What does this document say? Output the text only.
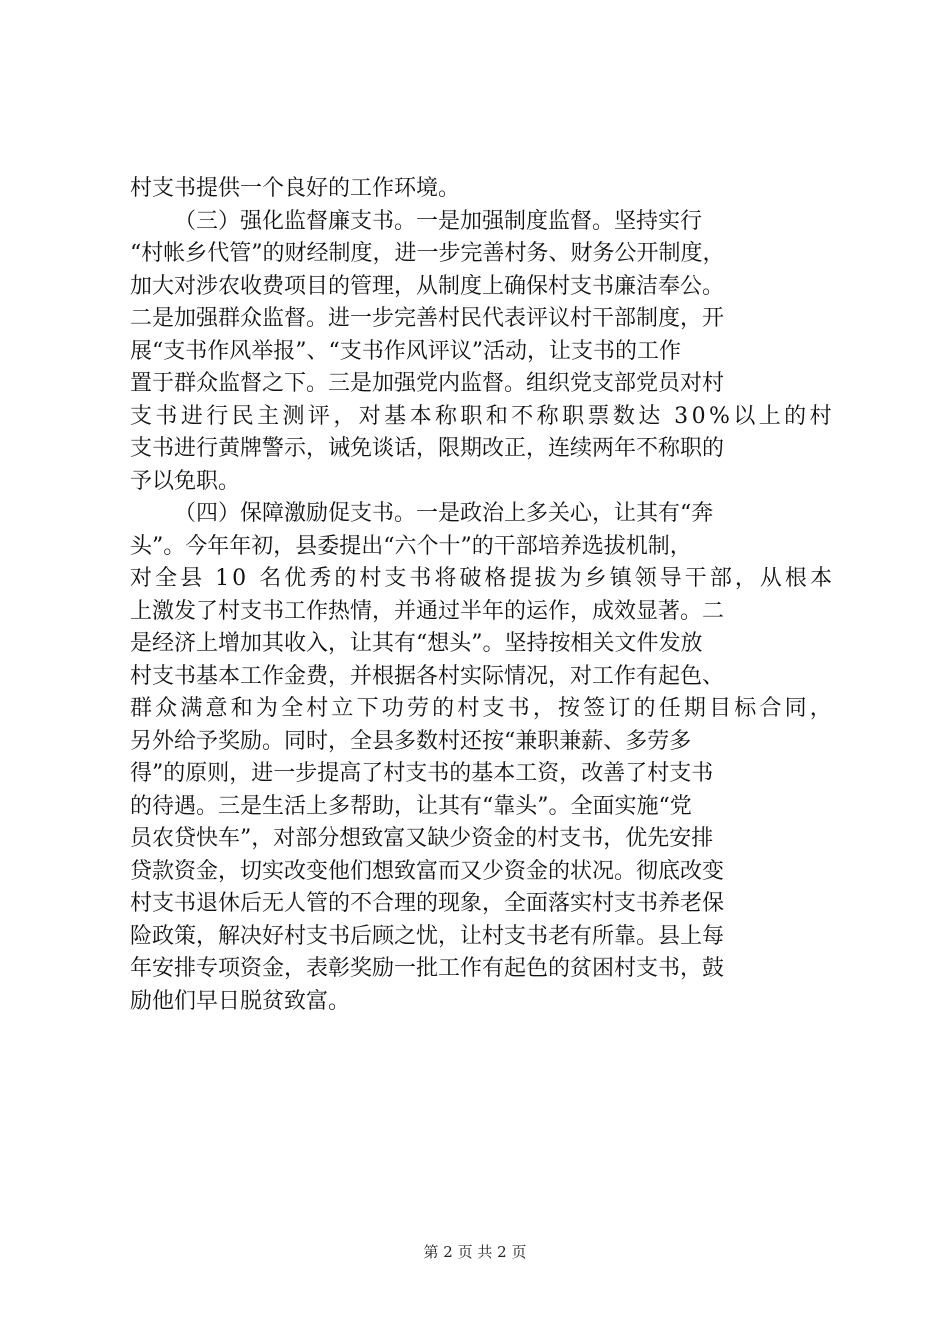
村支书提供一个良好的工作环境。
（三）强化监督廉支书。一是加强制度监督。坚持实行
“村帐乡代管”的财经制度，进一步完善村务、财务公开制度，
加大对涉农收费项目的管理，从制度上确保村支书廉洁奉公。
二是加强群众监督。进一步完善村民代表评议村干部制度，开
展“支书作风举报”、“支书作风评议”活动，让支书的工作
置于群众监督之下。三是加强党内监督。组织党支部党员对村
支书进行民主测评，对基本称职和不称职票数达 30%以上的村
支书进行黄牌警示，诫免谈话，限期改正，连续两年不称职的
予以免职。
（四）保障激励促支书。一是政治上多关心，让其有“奔
头”。今年年初，县委提出“六个十”的干部培养选拔机制，
对全县 10 名优秀的村支书将破格提拔为乡镇领导干部，从根本
上激发了村支书工作热情，并通过半年的运作，成效显著。二
是经济上增加其收入，让其有“想头”。坚持按相关文件发放
村支书基本工作金费，并根据各村实际情况，对工作有起色、
群众满意和为全村立下功劳的村支书，按签订的任期目标合同，
另外给予奖励。同时，全县多数村还按“兼职兼薪、多劳多
得”的原则，进一步提高了村支书的基本工资，改善了村支书
的待遇。三是生活上多帮助，让其有“靠头”。全面实施“党
员农贷快车”，对部分想致富又缺少资金的村支书，优先安排
贷款资金，切实改变他们想致富而又少资金的状况。彻底改变
村支书退休后无人管的不合理的现象，全面落实村支书养老保
险政策，解决好村支书后顾之忧，让村支书老有所靠。县上每
年安排专项资金，表彰奖励一批工作有起色的贫困村支书，鼓
励他们早日脱贫致富。
第 2 页 共 2 页
